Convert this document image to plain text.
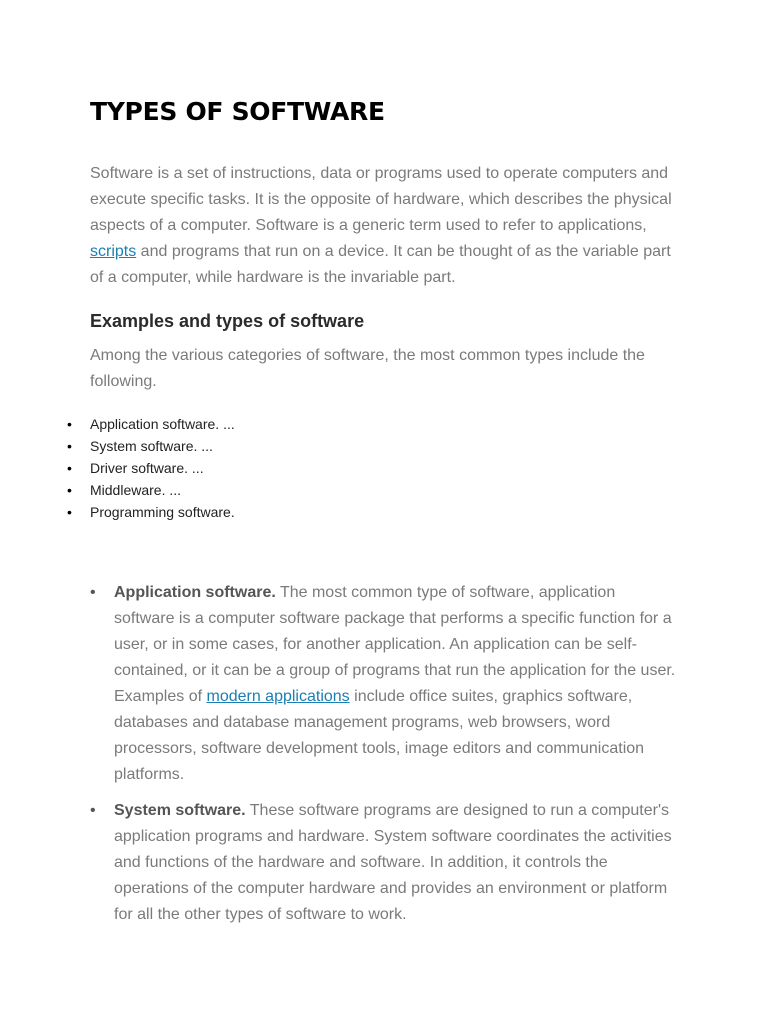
TYPES OF SOFTWARE

Software is a set of instructions, data or programs used to operate computers and execute specific tasks. It is the opposite of hardware, which describes the physical aspects of a computer. Software is a generic term used to refer to applications, scripts and programs that run on a device. It can be thought of as the variable part of a computer, while hardware is the invariable part.

Examples and types of software

Among the various categories of software, the most common types include the following.

• Application software. ...
• System software. ...
• Driver software. ...
• Middleware. ...
• Programming software.
• Application software. The most common type of software, application software is a computer software package that performs a specific function for a user, or in some cases, for another application. An application can be self-contained, or it can be a group of programs that run the application for the user. Examples of modern applications include office suites, graphics software, databases and database management programs, web browsers, word processors, software development tools, image editors and communication platforms.
• System software. These software programs are designed to run a computer's application programs and hardware. System software coordinates the activities and functions of the hardware and software. In addition, it controls the operations of the computer hardware and provides an environment or platform for all the other types of software to work.
